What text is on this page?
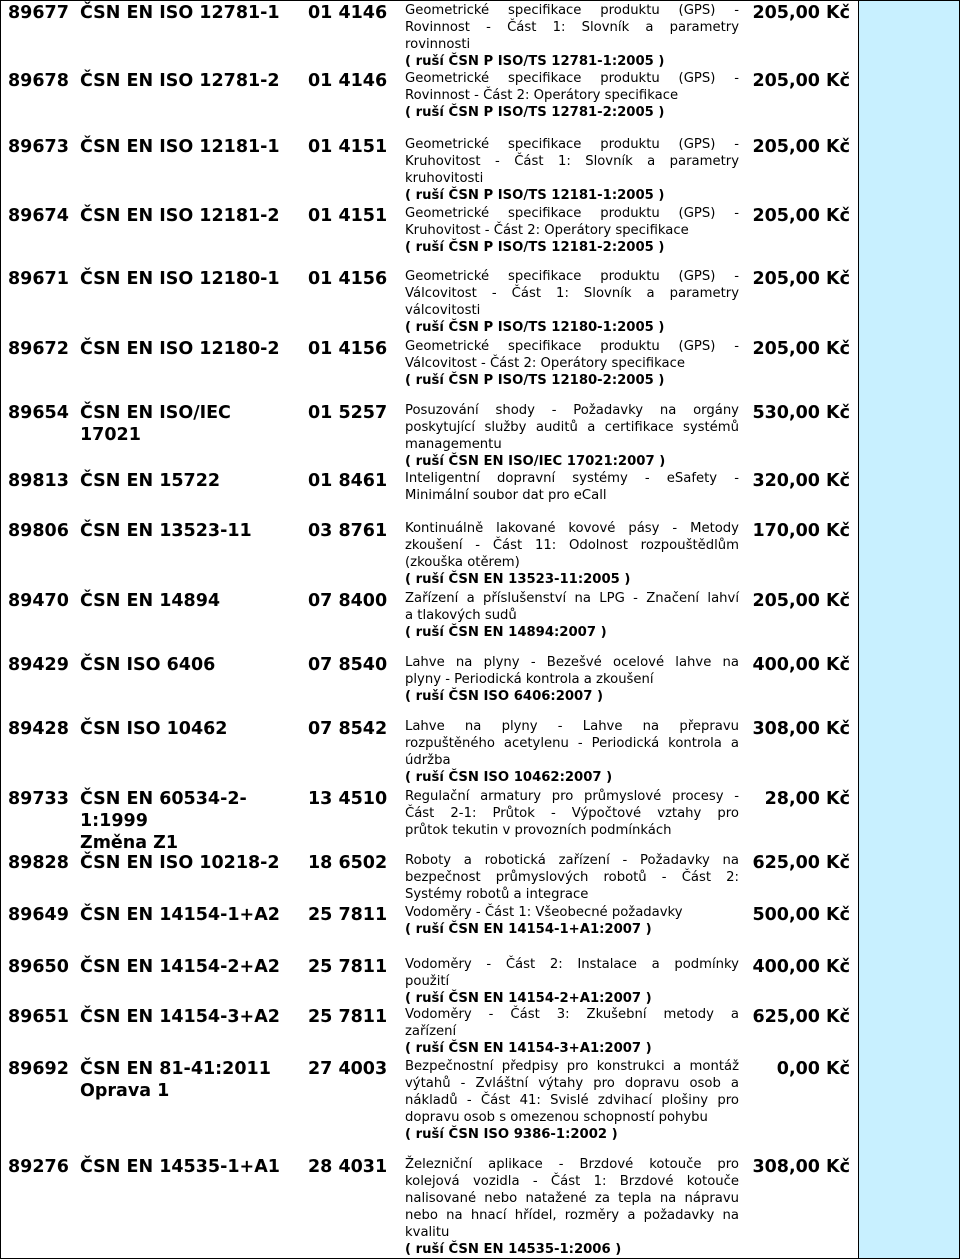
89677 ČSN EN ISO 12781-1	01 4146 Geometrické specifikace produktu (GPS) -
Rovinnost - Část 1: Slovník a parametry
rovinnosti
( ruší ČSN P ISO/TS 12781-1:2005 )
205,00 Kč
89678 ČSN EN ISO 12781-2	01 4146 Geometrické specifikace produktu (GPS) -
Rovinnost - Část 2: Operátory specifikace
( ruší ČSN P ISO/TS 12781-2:2005 )
205,00 Kč
89673 ČSN EN ISO 12181-1	01 4151 Geometrické specifikace produktu (GPS) -
Kruhovitost - Část 1: Slovník a parametry
kruhovitosti
( ruší ČSN P ISO/TS 12181-1:2005 )
205,00 Kč
89674 ČSN EN ISO 12181-2	01 4151 Geometrické specifikace produktu (GPS) -
Kruhovitost - Část 2: Operátory specifikace
( ruší ČSN P ISO/TS 12181-2:2005 )
205,00 Kč
89671 ČSN EN ISO 12180-1	01 4156 Geometrické specifikace produktu (GPS) -
Válcovitost - Část 1: Slovník a parametry
válcovitosti
( ruší ČSN P ISO/TS 12180-1:2005 )
205,00 Kč
89672 ČSN EN ISO 12180-2	01 4156 Geometrické specifikace produktu (GPS) -
Válcovitost - Část 2: Operátory specifikace
( ruší ČSN P ISO/TS 12180-2:2005 )
205,00 Kč
89654 ČSN EN ISO/IEC
17021
01 5257 Posuzování shody - Požadavky na orgány
poskytující služby auditů a certifikace systémů
managementu
( ruší ČSN EN ISO/IEC 17021:2007 )
530,00 Kč
89813 ČSN EN 15722	01 8461 Inteligentní dopravní systémy - eSafety -
Minimální soubor dat pro eCall
320,00 Kč
89806 ČSN EN 13523-11	03 8761 Kontinuálně lakované kovové pásy - Metody
zkoušení - Část 11: Odolnost rozpouštědlům
(zkouška otěrem)
( ruší ČSN EN 13523-11:2005 )
170,00 Kč
89470 ČSN EN 14894	07 8400 Zařízení a příslušenství na LPG - Značení lahví
a tlakových sudů
( ruší ČSN EN 14894:2007 )
205,00 Kč
89429 ČSN ISO 6406	07 8540 Lahve na plyny - Bezešvé ocelové lahve na
plyny - Periodická kontrola a zkoušení
( ruší ČSN ISO 6406:2007 )
400,00 Kč
89428 ČSN ISO 10462	07 8542 Lahve na plyny - Lahve na přepravu
rozpuštěného acetylenu - Periodická kontrola a
údržba
( ruší ČSN ISO 10462:2007 )
308,00 Kč
89733 ČSN EN 60534-2-
1:1999
Změna Z1
13 4510 Regulační armatury pro průmyslové procesy -
Část 2-1: Průtok - Výpočtové vztahy pro
průtok tekutin v provozních podmínkách
28,00 Kč
89828 ČSN EN ISO 10218-2	18 6502 Roboty a robotická zařízení - Požadavky na
bezpečnost průmyslových robotů - Část 2:
Systémy robotů a integrace
625,00 Kč
89649 ČSN EN 14154-1+A2	25 7811 Vodoměry - Část 1: Všeobecné požadavky
( ruší ČSN EN 14154-1+A1:2007 )
500,00 Kč
89650 ČSN EN 14154-2+A2	25 7811 Vodoměry - Část 2: Instalace a podmínky
použití
( ruší ČSN EN 14154-2+A1:2007 )
400,00 Kč
89651 ČSN EN 14154-3+A2	25 7811 Vodoměry - Část 3: Zkušební metody a
zařízení
( ruší ČSN EN 14154-3+A1:2007 )
625,00 Kč
89692 ČSN EN 81-41:2011
Oprava 1
27 4003 Bezpečnostní předpisy pro konstrukci a montáž
výtahů - Zvláštní výtahy pro dopravu osob a
nákladů - Část 41: Svislé zdvihací plošiny pro
dopravu osob s omezenou schopností pohybu
( ruší ČSN ISO 9386-1:2002 )
0,00 Kč
89276 ČSN EN 14535-1+A1	28 4031 Železniční aplikace - Brzdové kotouče pro
kolejová vozidla - Část 1: Brzdové kotouče
nalisované nebo natažené za tepla na nápravu
nebo na hnací hřídel, rozměry a požadavky na
kvalitu
( ruší ČSN EN 14535-1:2006 )
308,00 Kč
